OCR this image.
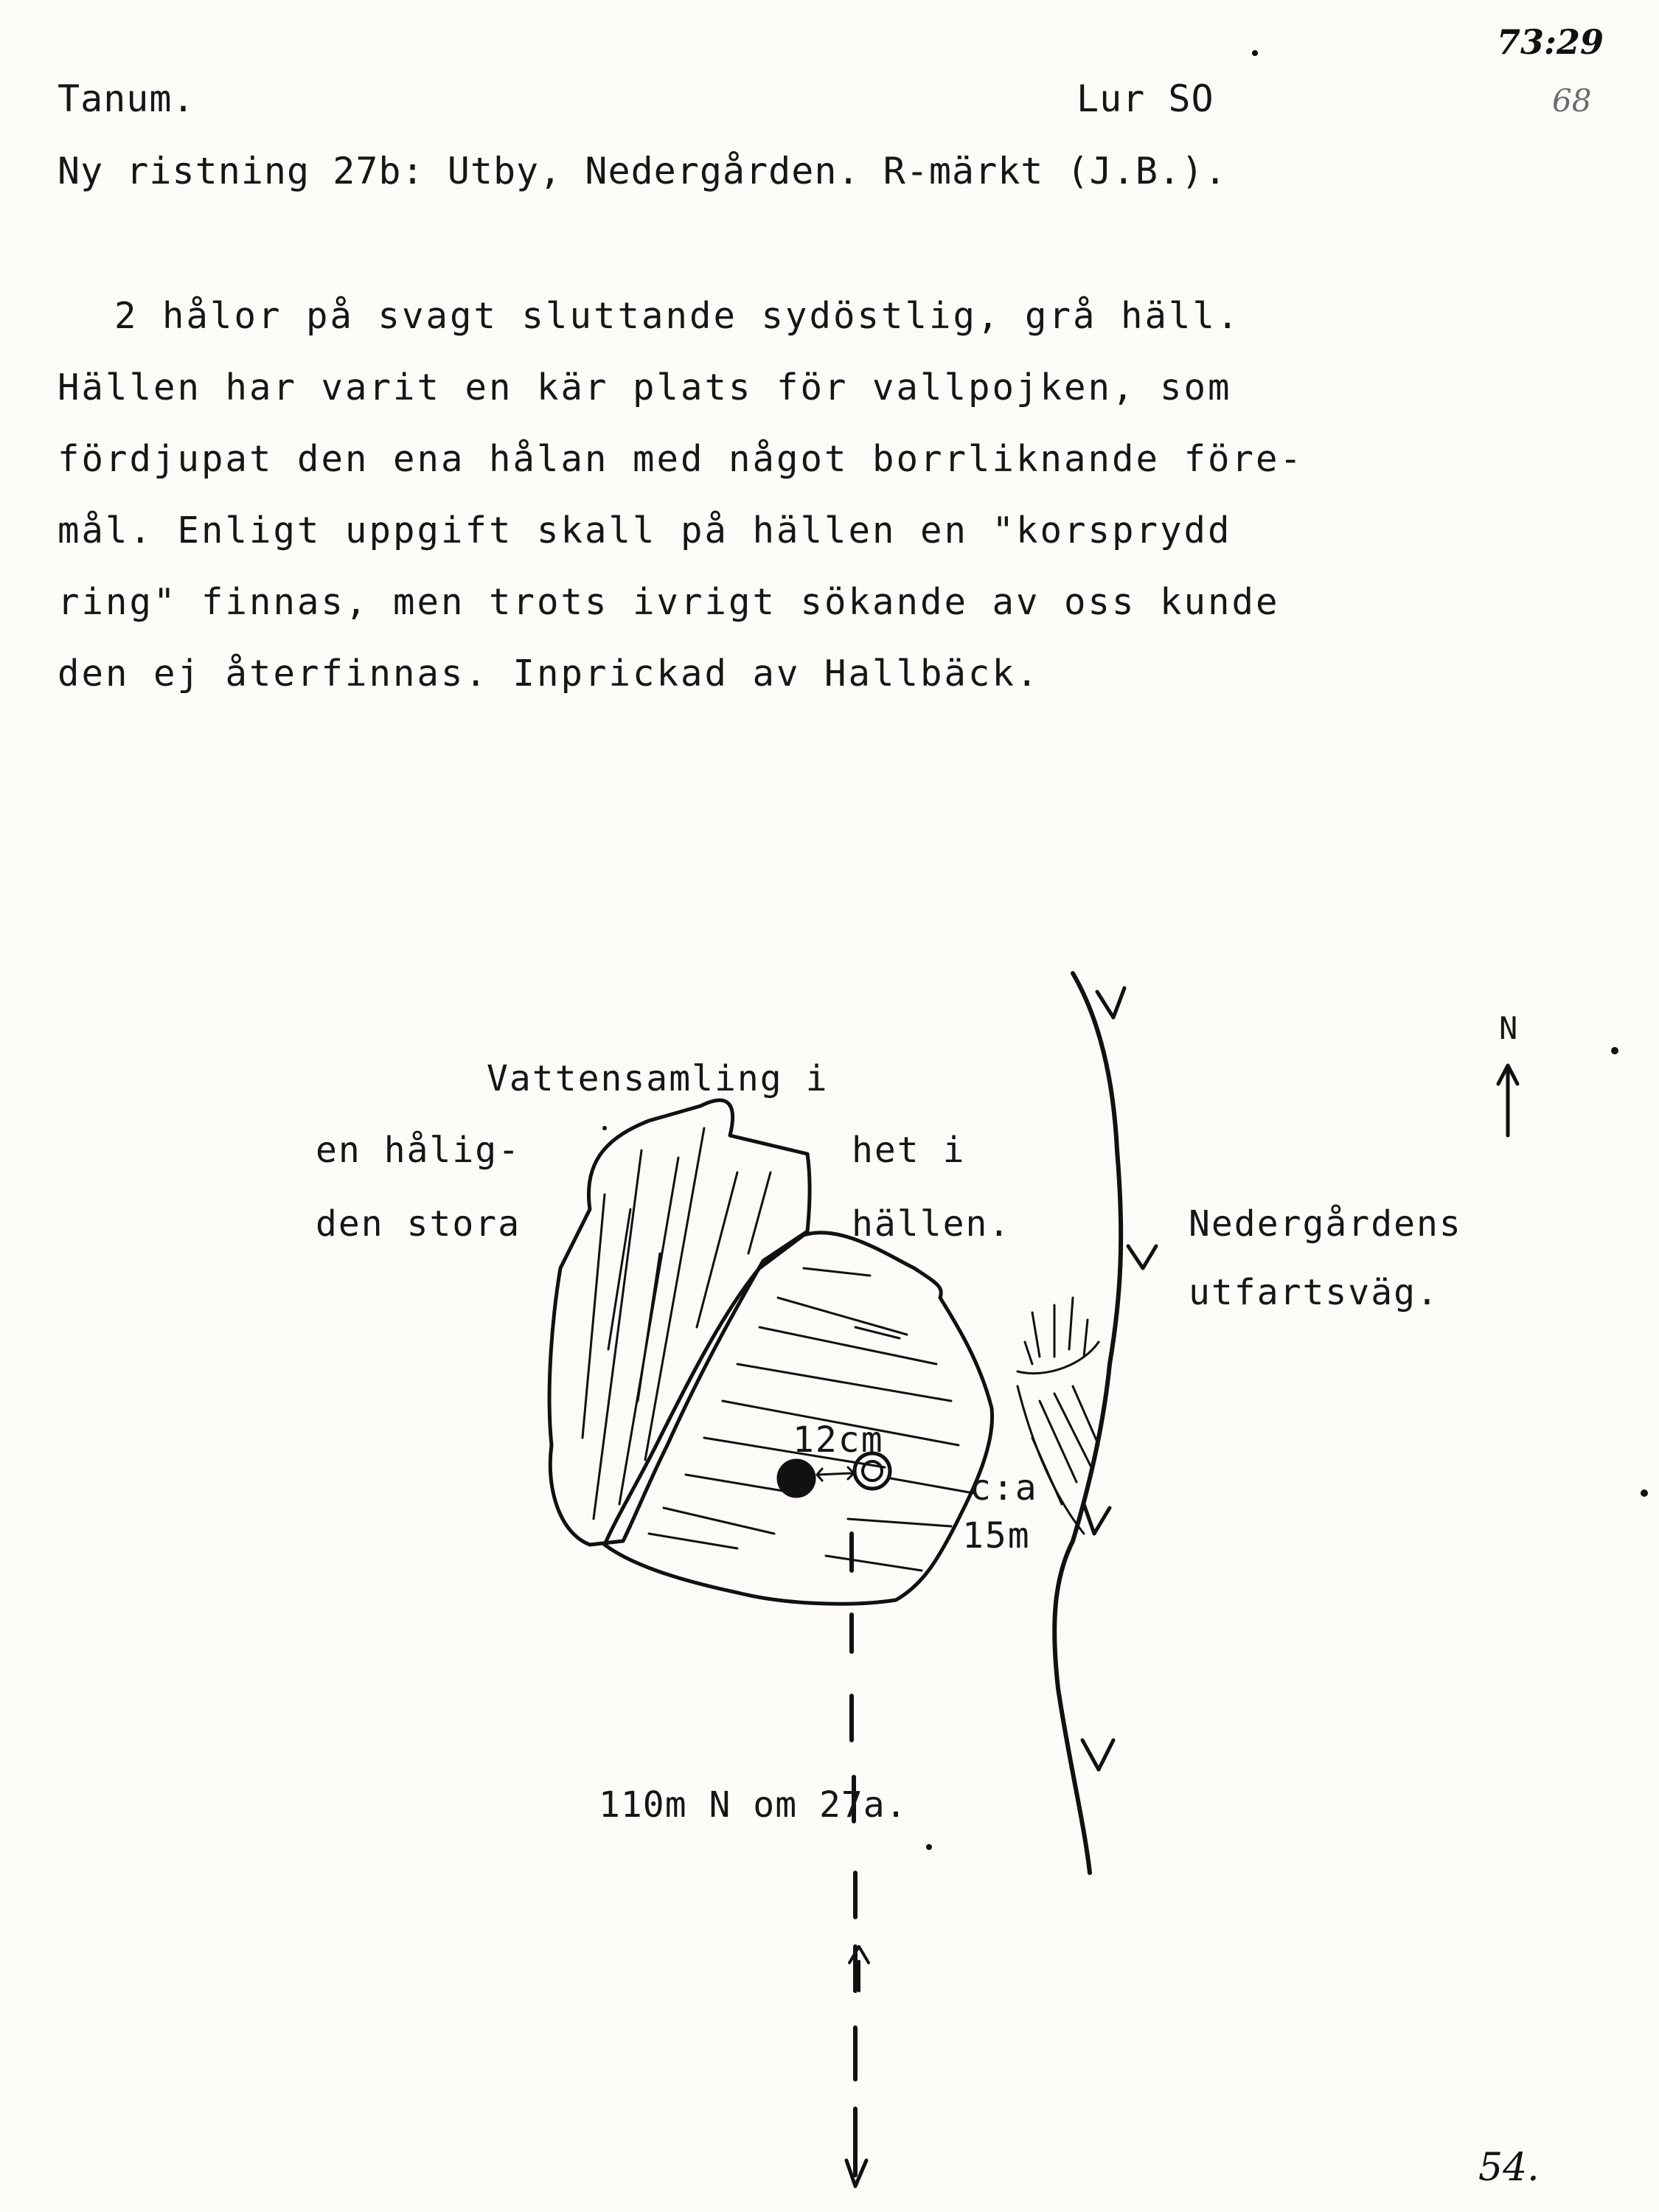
73:29
68
Tanum.	Lur SO
Ny ristning 27b: Utby, Nedergården. R-märkt (J.B.).
2 hålor på svagt sluttande sydöstlig, grå häll.
Hällen har varit en kär plats för vallpojken, som
fördjupat den ena hålan med något borrliknande före-
mål. Enligt uppgift skall på hällen en "korsprydd
ring" finnas, men trots ivrigt sökande av oss kunde
den ej återfinnas. Inprickad av Hallbäck.
Vattensamling i
en hålig-	het i
den stora	hällen.	Nedergårdens
utfartsväg.
N
12cm
c:a
15m
110m N om 27a.
54.
